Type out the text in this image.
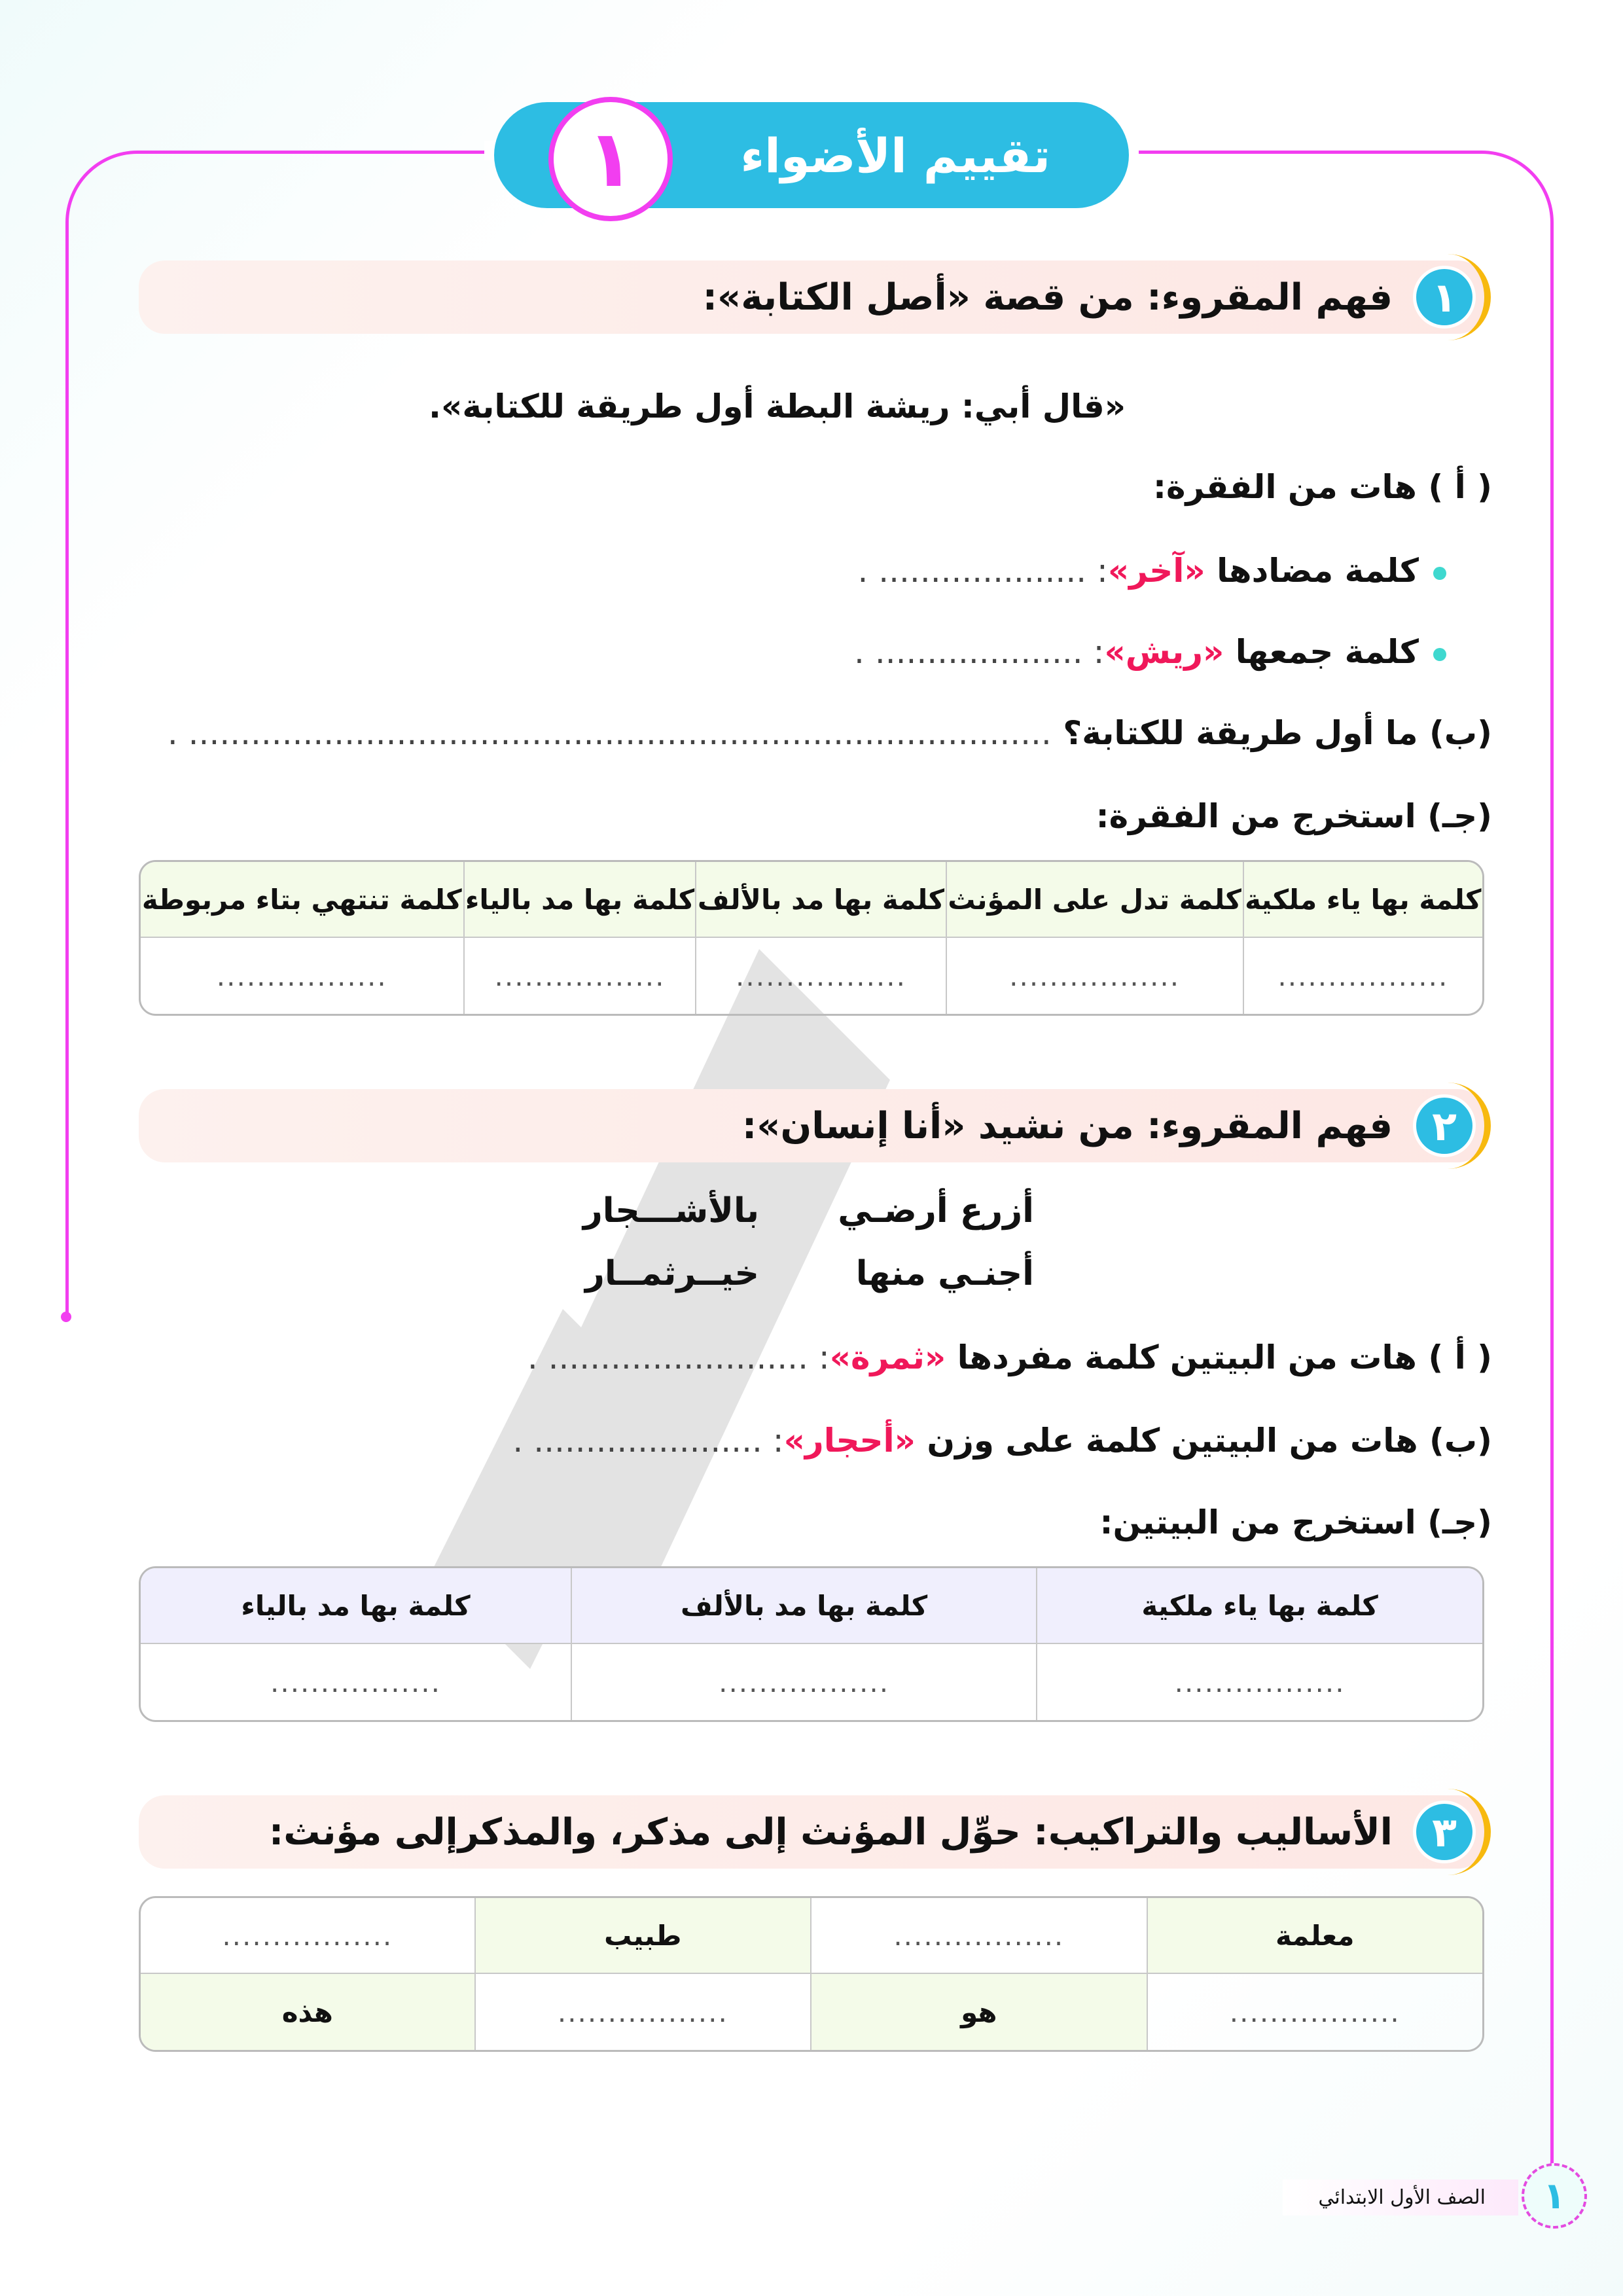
١	تقييم الأضواء
١
فهم المقروء: من قصة «أصل الكتابة»:
«قال أبي: ريشة البطة أول طريقة للكتابة».
( أ ) هات من الفقرة:
كلمة مضادها «آخر»: .................... .
كلمة جمعها «ريش»: .................... .
(ب) ما أول طريقة للكتابة؟ ................................................................................... .
(جـ) استخرج من الفقرة:
كلمة بها ياء ملكية	كلمة تدل على المؤنث	كلمة بها مد بالألف	كلمة بها مد بالياء	كلمة تنتهي بتاء مربوطة
.................	.................	.................	.................	.................
٢
فهم المقروء: من نشيد «أنا إنسان»:
أزرع أرضـي
بالأشـــجار
أجنـي منها
خيــرثمــار
( أ ) هات من البيتين كلمة مفردها «ثمرة»: ......................... .
(ب) هات من البيتين كلمة على وزن «أحجار»: ...................... .
(جـ) استخرج من البيتين:
كلمة بها ياء ملكية	كلمة بها مد بالألف	كلمة بها مد بالياء
.................	.................	.................
٣
الأساليب والتراكيب: حوِّل المؤنث إلى مذكر، والمذكرإلى مؤنث:
معلمة	.................	طبيب	.................
.................	هو	.................	هذه
الصف الأول الابتدائي	١
